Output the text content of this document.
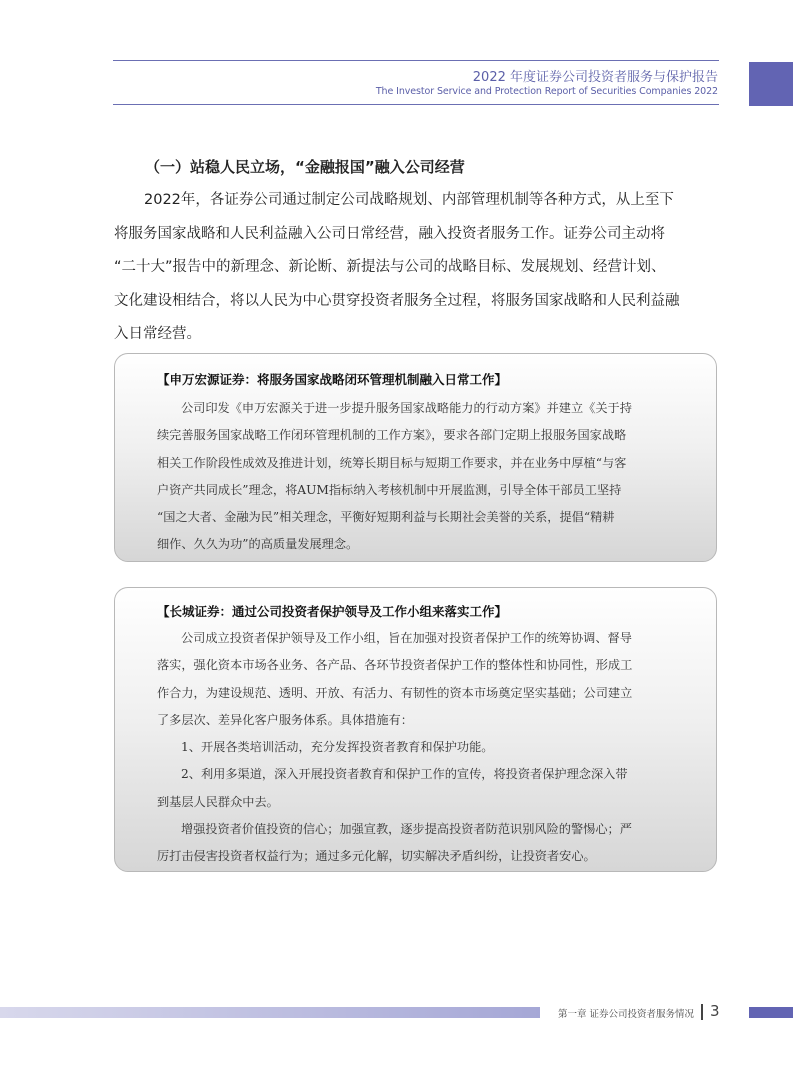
2022 年度证券公司投资者服务与保护报告
The Investor Service and Protection Report of Securities Companies 2022
（一）站稳人民立场，“金融报国”融入公司经营
2022年，各证券公司通过制定公司战略规划、内部管理机制等各种方式，从上至下
将服务国家战略和人民利益融入公司日常经营，融入投资者服务工作。证券公司主动将
“二十大”报告中的新理念、新论断、新提法与公司的战略目标、发展规划、经营计划、
文化建设相结合，将以人民为中心贯穿投资者服务全过程，将服务国家战略和人民利益融
入日常经营。
【申万宏源证券：将服务国家战略闭环管理机制融入日常工作】
公司印发《申万宏源关于进一步提升服务国家战略能力的行动方案》并建立《关于持
续完善服务国家战略工作闭环管理机制的工作方案》，要求各部门定期上报服务国家战略
相关工作阶段性成效及推进计划，统筹长期目标与短期工作要求，并在业务中厚植“与客
户资产共同成长”理念，将AUM指标纳入考核机制中开展监测，引导全体干部员工坚持
“国之大者、金融为民”相关理念，平衡好短期利益与长期社会美誉的关系，提倡“精耕
细作、久久为功”的高质量发展理念。
【长城证券：通过公司投资者保护领导及工作小组来落实工作】
公司成立投资者保护领导及工作小组，旨在加强对投资者保护工作的统筹协调、督导
落实，强化资本市场各业务、各产品、各环节投资者保护工作的整体性和协同性，形成工
作合力，为建设规范、透明、开放、有活力、有韧性的资本市场奠定坚实基础；公司建立
了多层次、差异化客户服务体系。具体措施有：
1、开展各类培训活动，充分发挥投资者教育和保护功能。
2、利用多渠道，深入开展投资者教育和保护工作的宣传，将投资者保护理念深入带
到基层人民群众中去。
增强投资者价值投资的信心；加强宣教，逐步提高投资者防范识别风险的警惕心；严
厉打击侵害投资者权益行为；通过多元化解，切实解决矛盾纠纷，让投资者安心。
第一章 证券公司投资者服务情况 3
